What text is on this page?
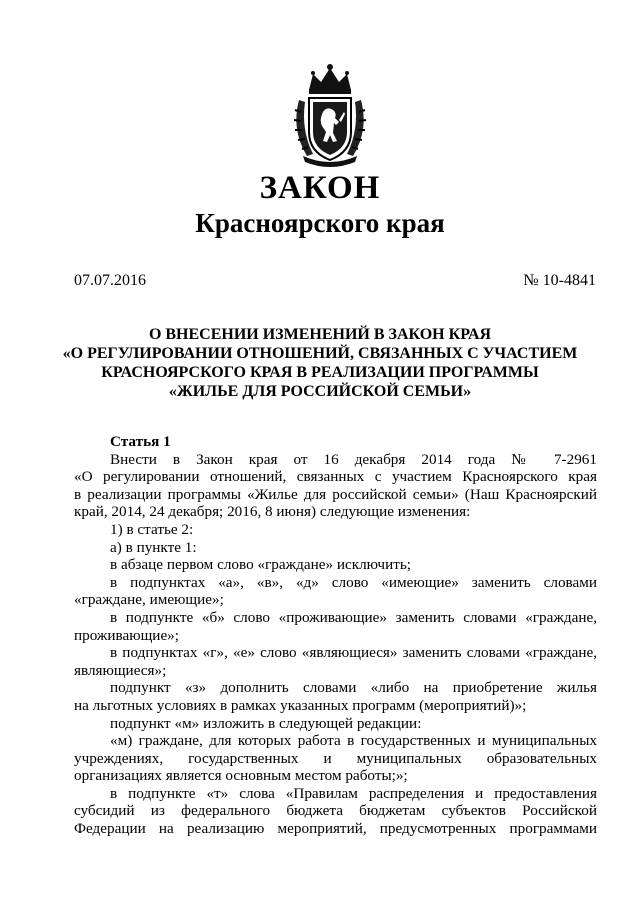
ЗАКОН
Красноярского края
07.07.2016	№ 10-4841
О ВНЕСЕНИИ ИЗМЕНЕНИЙ В ЗАКОН КРАЯ
«О РЕГУЛИРОВАНИИ ОТНОШЕНИЙ, СВЯЗАННЫХ С УЧАСТИЕМ
КРАСНОЯРСКОГО КРАЯ В РЕАЛИЗАЦИИ ПРОГРАММЫ
«ЖИЛЬЕ ДЛЯ РОССИЙСКОЙ СЕМЬИ»
Статья 1
Внести в Закон края от 16 декабря 2014 года № 7-2961
«О регулировании отношений, связанных с участием Красноярского края
в реализации программы «Жилье для российской семьи» (Наш Красноярский
край, 2014, 24 декабря; 2016, 8 июня) следующие изменения:
1) в статье 2:
а) в пункте 1:
в абзаце первом слово «граждане» исключить;
в подпунктах «а», «в», «д» слово «имеющие» заменить словами
«граждане, имеющие»;
в подпункте «б» слово «проживающие» заменить словами «граждане,
проживающие»;
в подпунктах «г», «е» слово «являющиеся» заменить словами «граждане,
являющиеся»;
подпункт «з» дополнить словами «либо на приобретение жилья
на льготных условиях в рамках указанных программ (мероприятий)»;
подпункт «м» изложить в следующей редакции:
«м) граждане, для которых работа в государственных и муниципальных
учреждениях, государственных и муниципальных образовательных
организациях является основным местом работы;»;
в подпункте «т» слова «Правилам распределения и предоставления
субсидий из федерального бюджета бюджетам субъектов Российской
Федерации на реализацию мероприятий, предусмотренных программами
